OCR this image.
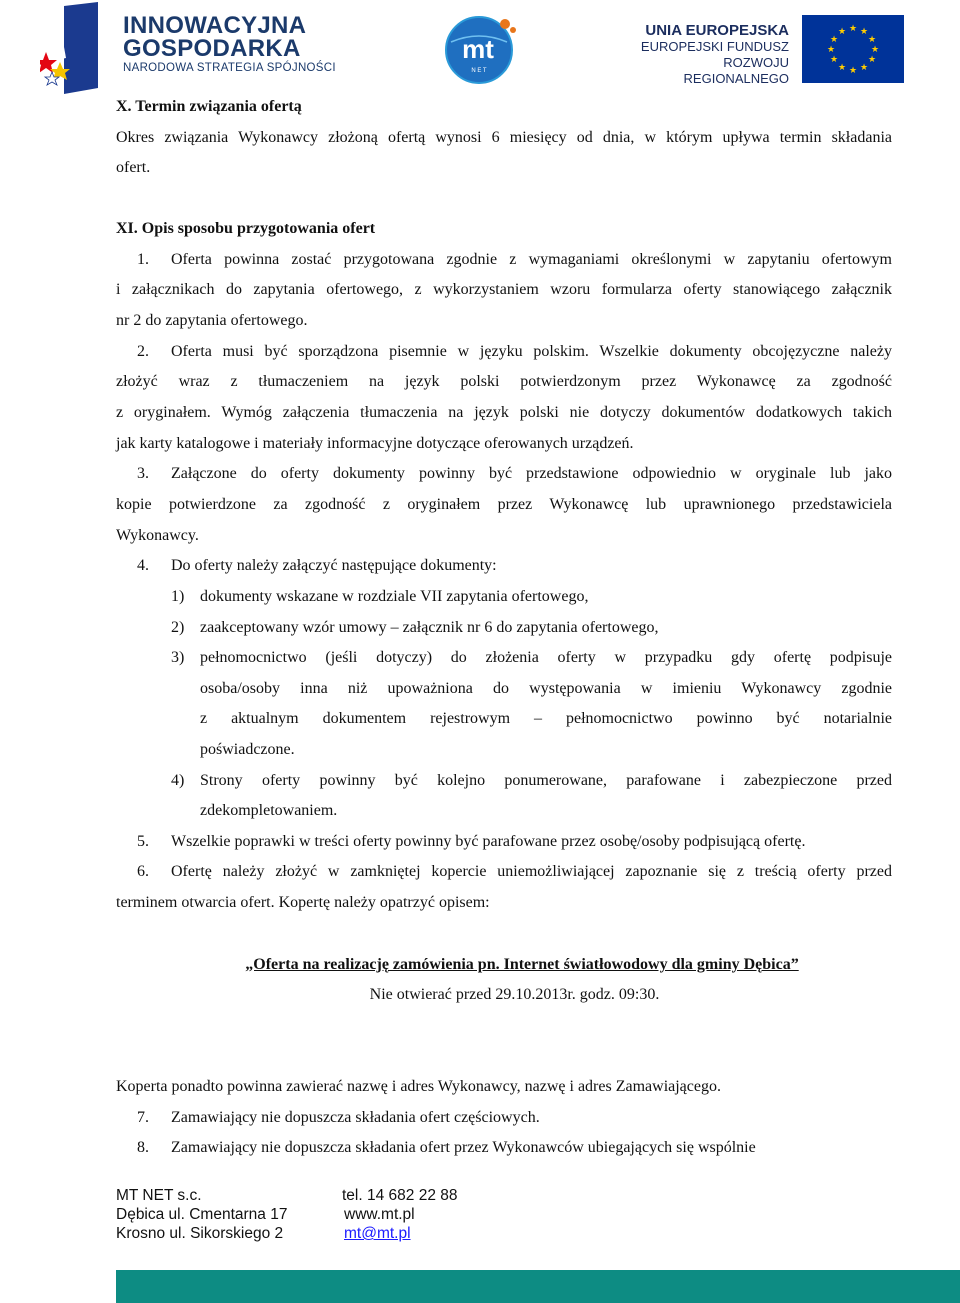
INNOWACYJNA
GOSPODARKA
NARODOWA STRATEGIA SPÓJNOŚCI
mt
N E T
UNIA EUROPEJSKA
EUROPEJSKI FUNDUSZ
ROZWOJU REGIONALNEGO
★ ★
★
★
★
★
★
★
★
★
★
★
X. Termin związania ofertą
Okres związania Wykonawcy złożoną ofertą wynosi 6 miesięcy od dnia, w którym upływa termin składania
ofert.
XI. Opis sposobu przygotowania ofert
1. Oferta powinna zostać przygotowana zgodnie z wymaganiami określonymi w zapytaniu ofertowym
i załącznikach do zapytania ofertowego, z wykorzystaniem wzoru formularza oferty stanowiącego załącznik
nr 2 do zapytania ofertowego.
2. Oferta musi być sporządzona pisemnie w języku polskim. Wszelkie dokumenty obcojęzyczne należy
złożyć wraz z tłumaczeniem na język polski potwierdzonym przez Wykonawcę za zgodność
z oryginałem. Wymóg załączenia tłumaczenia na język polski nie dotyczy dokumentów dodatkowych takich
jak karty katalogowe i materiały informacyjne dotyczące oferowanych urządzeń.
3. Załączone do oferty dokumenty powinny być przedstawione odpowiednio w oryginale lub jako
kopie potwierdzone za zgodność z oryginałem przez Wykonawcę lub uprawnionego przedstawiciela
Wykonawcy.
4. Do oferty należy załączyć następujące dokumenty:
1) dokumenty wskazane w rozdziale VII zapytania ofertowego,
2) zaakceptowany wzór umowy – załącznik nr 6 do zapytania ofertowego,
3) pełnomocnictwo (jeśli dotyczy) do złożenia oferty w przypadku gdy ofertę podpisuje
osoba/osoby inna niż upoważniona do występowania w imieniu Wykonawcy zgodnie
z aktualnym dokumentem rejestrowym – pełnomocnictwo powinno być notarialnie
poświadczone.
4) Strony oferty powinny być kolejno ponumerowane, parafowane i zabezpieczone przed
zdekompletowaniem.
5. Wszelkie poprawki w treści oferty powinny być parafowane przez osobę/osoby podpisującą ofertę.
6. Ofertę należy złożyć w zamkniętej kopercie uniemożliwiającej zapoznanie się z treścią oferty przed
terminem otwarcia ofert. Kopertę należy opatrzyć opisem:
„Oferta na realizację zamówienia pn. Internet światłowodowy dla gminy Dębica”
Nie otwierać przed 29.10.2013r. godz. 09:30.
Koperta ponadto powinna zawierać nazwę i adres Wykonawcy, nazwę i adres Zamawiającego.
7. Zamawiający nie dopuszcza składania ofert częściowych.
8. Zamawiający nie dopuszcza składania ofert przez Wykonawców ubiegających się wspólnie
MT NET s.c.
Dębica ul. Cmentarna 17
Krosno ul. Sikorskiego 2
tel. 14 682 22 88
www.mt.pl
mt@mt.pl
